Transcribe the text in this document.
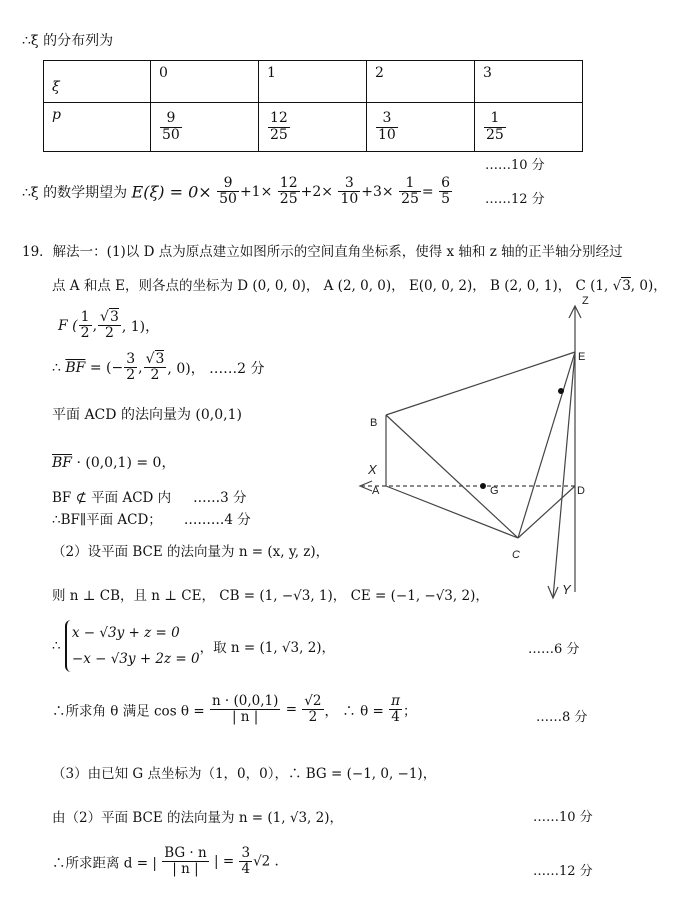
∴ξ 的分布列为
ξ	0	1	2	3
p	$\frac{9}{50}$	$\frac{12}{25}$	$\frac{3}{10}$	$\frac{1}{25}$
……10 分
∴ξ 的数学期望为 $E(\xi) = 0\times \frac{9}{50} +1\times \frac{12}{25} +2\times \frac{3}{10} +3\times \frac{1}{25} = \frac{6}{5}$	……12 分
19．解法一：(1)以 D 点为原点建立如图所示的空间直角坐标系，使得 x 轴和 z 轴的正半轴分别经过
点 A 和点 E，则各点的坐标为 D (0, 0, 0)， A (2, 0, 0)， E(0, 0, 2)， B (2, 0, 1)， C (1, √3, 0)，
F ( $\frac{1}{2}$ , $\frac{√3}{2}$ , 1)，
∴ $\overline{BF}$ = (− $\frac{3}{2}$ , $\frac{√3}{2}$ , 0)， ……2 分
平面 ACD 的法向量为 (0,0,1)
$\overline{BF} \cdot (0,0,1) = 0$，
BF ⊄ 平面 ACD 内 ……3 分
∴BF∥平面 ACD； ………4 分
（2）设平面 BCE 的法向量为 n = (x, y, z)，
则 n ⊥ CB，且 n ⊥ CE， CB = (1, −√3, 1)， CE = (−1, −√3, 2)，
∴
x − √3y + z = 0
−x − √3y + 2z = 0
，取 n = (1, √3, 2)，	……6 分
∴所求角 θ 满足 $\cos \theta = \frac{n \cdot (0,0,1)}{| n |} = \frac{√2}{2}$ ， ∴ $\theta = \frac{\pi}{4}$ ；	……8 分
（3）由已知 G 点坐标为（1，0，0），∴ BG = (−1, 0, −1)，
由（2）平面 BCE 的法向量为 n = (1, √3, 2)，	……10 分
∴所求距离 d = | $\frac{BG \cdot n}{| n |}$ | = $\frac{3}{4} √2$ .
……12 分
Z
E
B
X
A	G	D
C
Y
